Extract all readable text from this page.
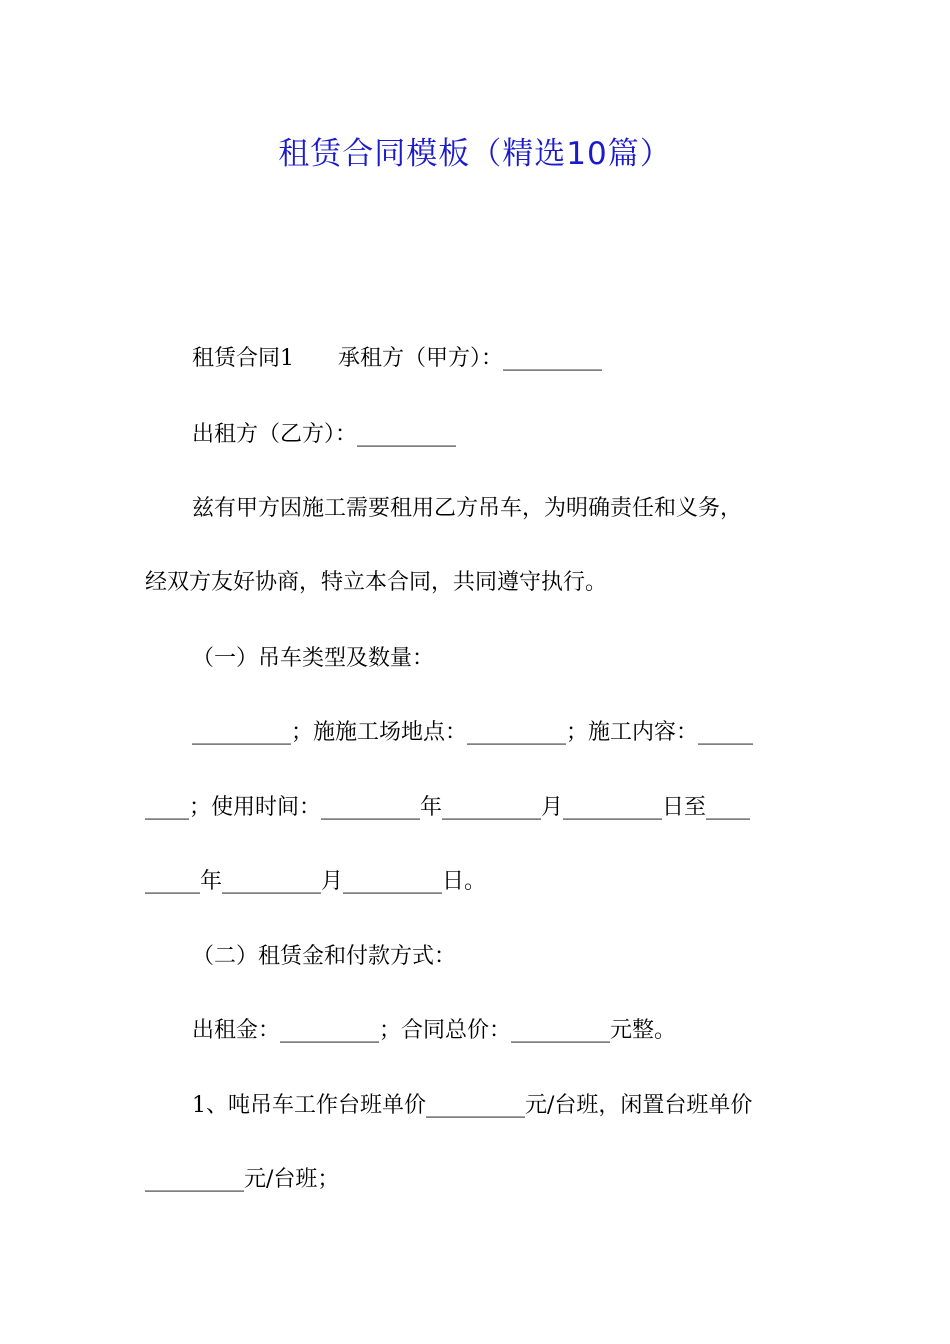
租赁合同模板（精选10篇）

租赁合同1　　承租方（甲方）：_________

出租方（乙方）：_________

兹有甲方因施工需要租用乙方吊车，为明确责任和义务，

经双方友好协商，特立本合同，共同遵守执行。

（一）吊车类型及数量：

_________；施施工场地点：_________；施工内容：_____

____；使用时间：_________年_________月_________日至____

_____年_________月_________日。

（二）租赁金和付款方式：

出租金：_________；合同总价：_________元整。

1、吨吊车工作台班单价_________元/台班，闲置台班单价

_________元/台班；
